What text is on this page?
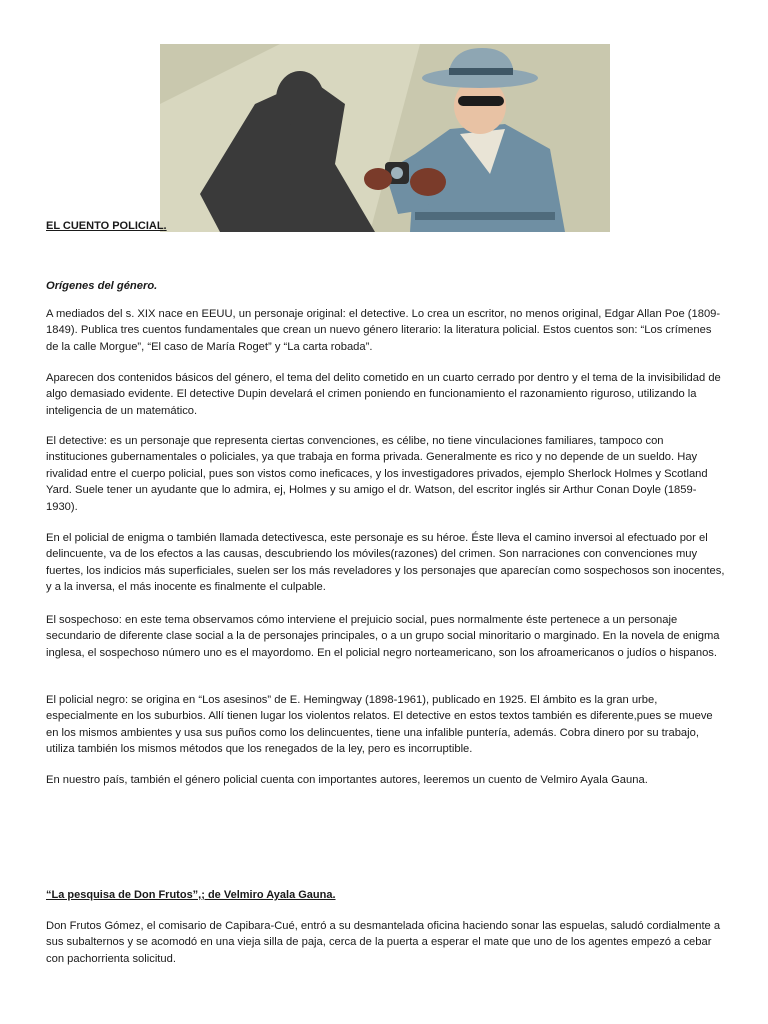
EL CUENTO POLICIAL.

Orígenes del género.

A mediados del s. XIX nace en EEUU, un personaje original: el detective. Lo crea un escritor, no menos original, Edgar Allan Poe (1809-1849). Publica tres cuentos fundamentales que crean un nuevo género literario: la literatura policial. Estos cuentos son: “Los crímenes de la calle Morgue”, “El caso de María Roget” y “La carta robada”.

Aparecen dos contenidos básicos del género, el tema del delito cometido en un cuarto cerrado por dentro y el tema de la invisibilidad de algo demasiado evidente. El detective Dupin develará el crimen poniendo en funcionamiento el razonamiento riguroso, utilizando la inteligencia de un matemático.

El detective: es un personaje que representa ciertas convenciones, es célibe, no tiene vinculaciones familiares, tampoco con instituciones gubernamentales o policiales, ya que trabaja en forma privada. Generalmente es rico y no depende de un sueldo. Hay rivalidad entre el cuerpo policial, pues son vistos como ineficaces, y los investigadores privados, ejemplo Sherlock Holmes y Scotland Yard. Suele tener un ayudante que lo admira, ej, Holmes y su amigo el dr. Watson, del escritor inglés sir Arthur Conan Doyle (1859-1930).

En el policial de enigma o también llamada detectivesca, este personaje es su héroe. Éste lleva el camino inversoi al efectuado por el delincuente, va de los efectos a las causas, descubriendo los móviles(razones) del crimen. Son narraciones con convenciones muy fuertes, los indicios más superficiales, suelen ser los más reveladores y los personajes que aparecían como sospechosos son inocentes, y a la inversa, el más inocente es finalmente el culpable.

El sospechoso: en este tema observamos cómo interviene el prejuicio social, pues normalmente éste pertenece a un personaje secundario de diferente clase social a la de personajes principales, o a un grupo social minoritario o marginado. En la novela de enigma inglesa, el sospechoso número uno es el mayordomo. En el policial negro norteamericano, son los afroamericanos o judíos o hispanos.

El policial negro: se origina en “Los asesinos” de E. Hemingway (1898-1961), publicado en 1925. El ámbito es la gran urbe, especialmente en los suburbios. Allí tienen lugar los violentos relatos. El detective en estos textos también es diferente,pues se mueve en los mismos ambientes y usa sus puños como los delincuentes, tiene una infalible puntería, además. Cobra dinero por su trabajo, utiliza también los mismos métodos que los renegados de la ley, pero es incorruptible.

En nuestro país, también el género policial cuenta con importantes autores, leeremos un cuento de Velmiro Ayala Gauna.

“La pesquisa de Don Frutos”,; de Velmiro Ayala Gauna.

Don Frutos Gómez, el comisario de Capibara-Cué, entró a su desmantelada oficina haciendo sonar las espuelas, saludó cordialmente a sus subalternos y se acomodó en una vieja silla de paja, cerca de la puerta a esperar el mate que uno de los agentes empezó a cebar con pachorrienta solicitud.
